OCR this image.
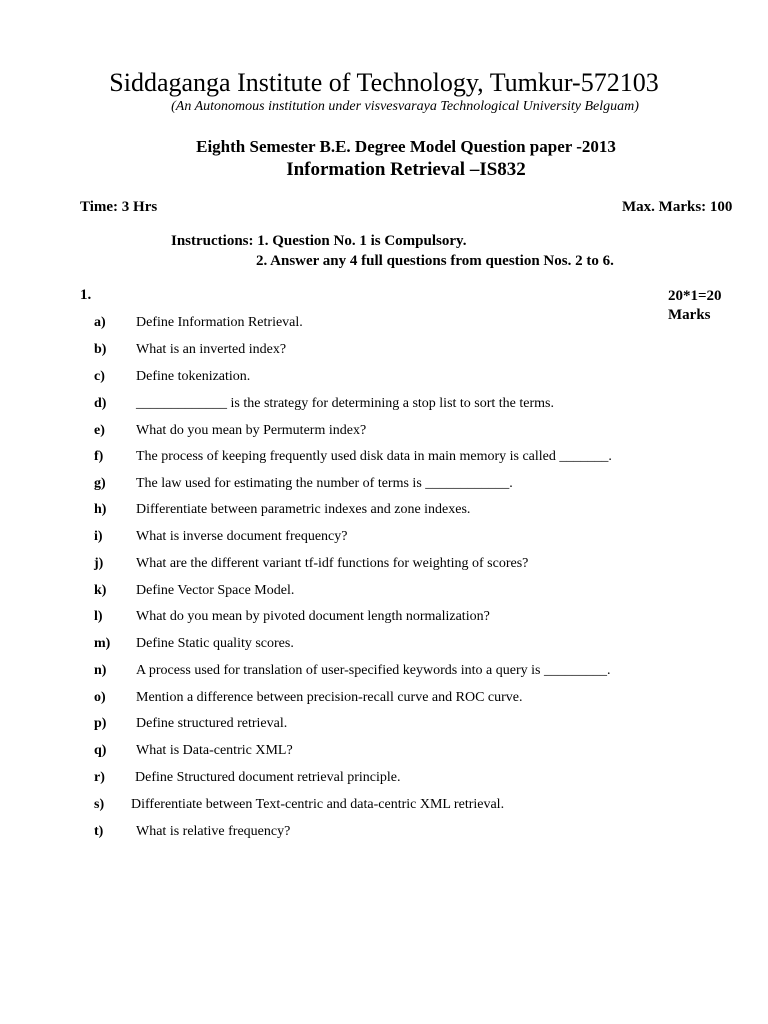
Siddaganga Institute of Technology, Tumkur-572103
(An Autonomous institution under visvesvaraya Technological University Belguam)
Eighth Semester B.E. Degree Model Question paper -2013
Information Retrieval –IS832
Time: 3 Hrs	Max. Marks: 100
Instructions: 1. Question No. 1 is Compulsory.
2. Answer any 4 full questions from question Nos. 2 to 6.
1.	20*1=20 Marks
a) Define Information Retrieval.
b) What is an inverted index?
c) Define tokenization.
d) _____________ is the strategy for determining a stop list to sort the terms.
e) What do you mean by Permuterm index?
f) The process of keeping frequently used disk data in main memory is called _______.
g) The law used for estimating the number of terms is ____________.
h) Differentiate between parametric indexes and zone indexes.
i) What is inverse document frequency?
j) What are the different variant tf-idf functions for weighting of scores?
k) Define Vector Space Model.
l) What do you mean by pivoted document length normalization?
m) Define Static quality scores.
n) A process used for translation of user-specified keywords into a query is _________.
o) Mention a difference between precision-recall curve and ROC curve.
p) Define structured retrieval.
q) What is Data-centric XML?
r) Define Structured document retrieval principle.
s) Differentiate between Text-centric and data-centric XML retrieval.
t) What is relative frequency?
